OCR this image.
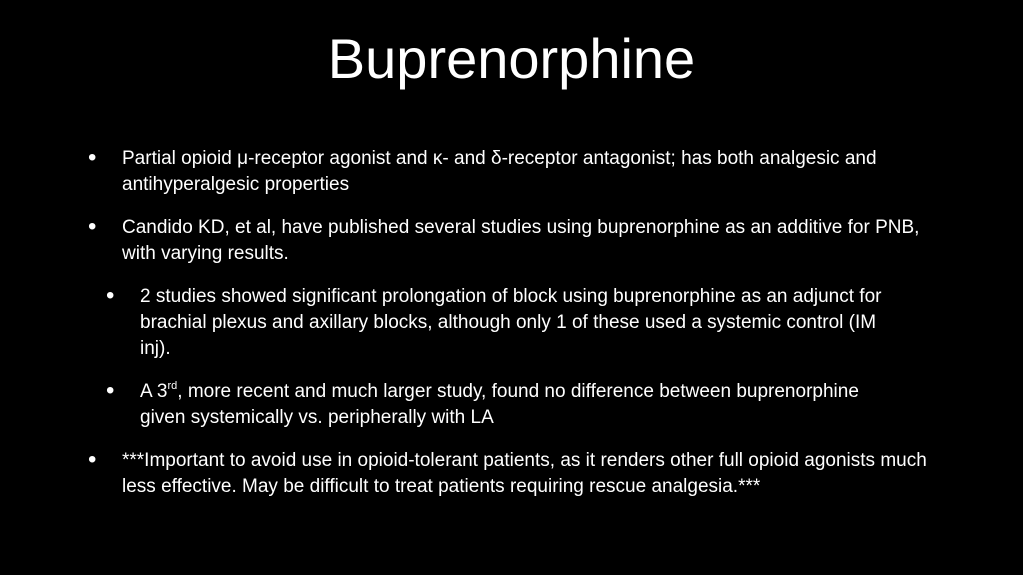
Buprenorphine
• Partial opioid μ-receptor agonist and κ- and δ-receptor antagonist; has both analgesic and antihyperalgesic properties
• Candido KD, et al, have published several studies using buprenorphine as an additive for PNB, with varying results.
• 2 studies showed significant prolongation of block using buprenorphine as an adjunct for brachial plexus and axillary blocks, although only 1 of these used a systemic control (IM inj).
• A 3rd, more recent and much larger study, found no difference between buprenorphine given systemically vs. peripherally with LA
• ***Important to avoid use in opioid-tolerant patients, as it renders other full opioid agonists much less effective. May be difficult to treat patients requiring rescue analgesia.***
